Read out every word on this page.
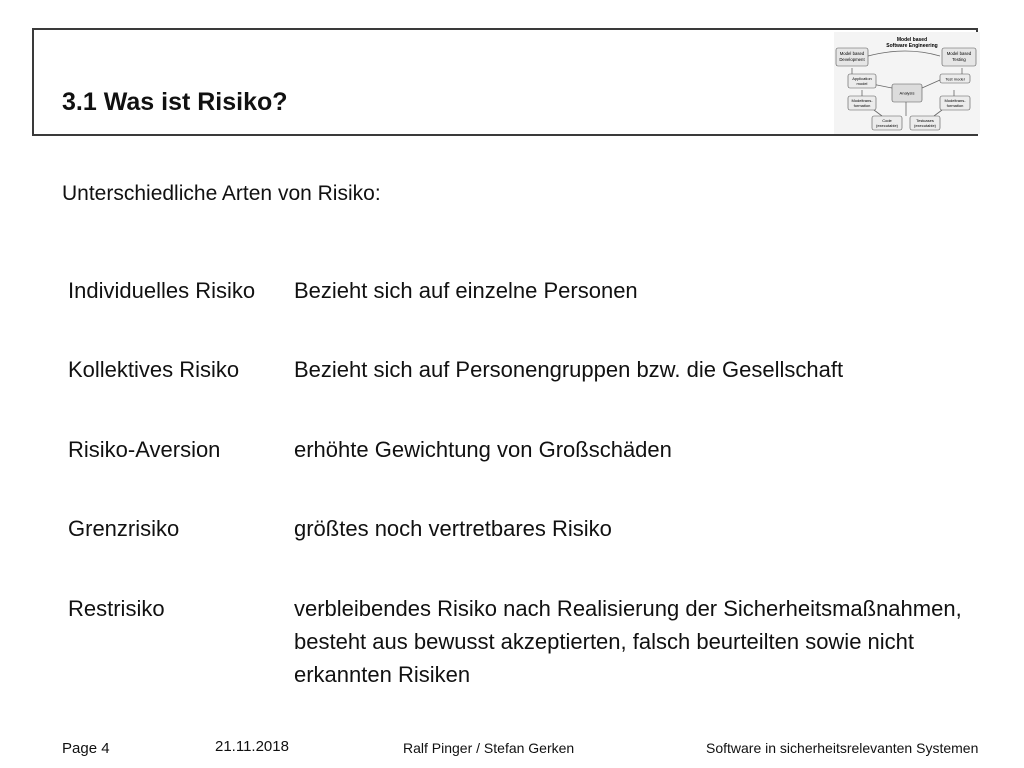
3.1 Was ist Risiko?
Model based
Software Engineering
Model based
Development
Model based
Testing
Application
model
Test model
Analysis
Modeltrans-
formation
Modeltrans-
formation
Code
(executable)
Testcases
(executable)

Unterschiedliche Arten von Risiko:

Individuelles Risiko	Bezieht sich auf einzelne Personen
Kollektives Risiko	Bezieht sich auf Personengruppen bzw. die Gesellschaft
Risiko-Aversion	erhöhte Gewichtung von Großschäden
Grenzrisiko	größtes noch vertretbares Risiko
Restrisiko	verbleibendes Risiko nach Realisierung der Sicherheitsmaßnahmen, besteht aus bewusst akzeptierten, falsch beurteilten sowie nicht erkannten Risiken
Page 4	21.11.2018	Ralf Pinger / Stefan Gerken	Software in sicherheitsrelevanten Systemen
